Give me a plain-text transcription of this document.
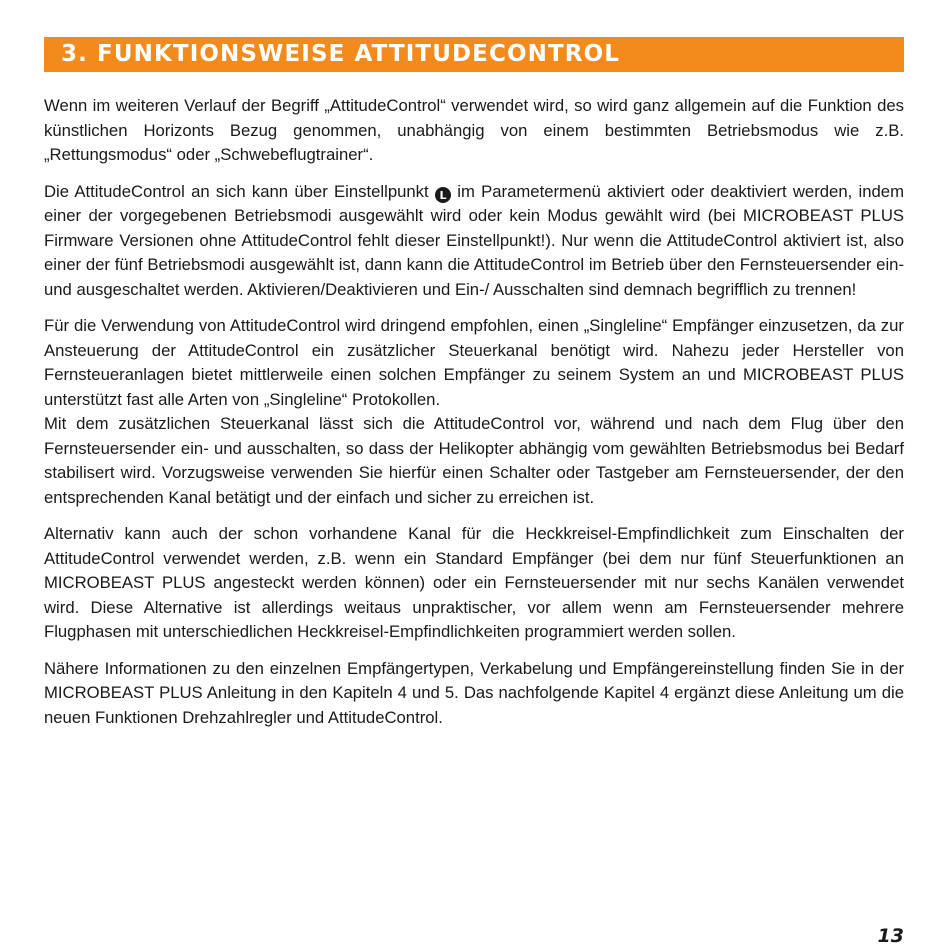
3. FUNKTIONSWEISE ATTITUDECONTROL

Wenn im weiteren Verlauf der Begriff „AttitudeControl“ verwendet wird, so wird ganz allgemein auf die Funktion des künstlichen Horizonts Bezug genommen, unabhängig von einem bestimmten Betriebsmodus wie z.B. „Rettungsmodus“ oder „Schwebeflugtrainer“.

Die AttitudeControl an sich kann über Einstellpunkt L im Parametermenü aktiviert oder deaktiviert werden, indem einer der vorgegebenen Betriebsmodi ausgewählt wird oder kein Modus gewählt wird (bei MICROBEAST PLUS Firmware Versionen ohne AttitudeControl fehlt dieser Einstellpunkt!). Nur wenn die AttitudeControl aktiviert ist, also einer der fünf Betriebsmodi ausgewählt ist, dann kann die AttitudeControl im Betrieb über den Fernsteuersender ein- und ausgeschaltet werden. Aktivieren/Deaktivieren und Ein-/ Ausschalten sind demnach begrifflich zu trennen!

Für die Verwendung von AttitudeControl wird dringend empfohlen, einen „Singleline“ Empfänger einzusetzen, da zur Ansteuerung der AttitudeControl ein zusätzlicher Steuerkanal benötigt wird. Nahezu jeder Hersteller von Fernsteueranlagen bietet mittlerweile einen solchen Empfänger zu seinem System an und MICROBEAST PLUS unterstützt fast alle Arten von „Singleline“ Protokollen.

Mit dem zusätzlichen Steuerkanal lässt sich die AttitudeControl vor, während und nach dem Flug über den Fernsteuersender ein- und ausschalten, so dass der Helikopter abhängig vom gewählten Betriebsmodus bei Bedarf stabilisert wird. Vorzugsweise verwenden Sie hierfür einen Schalter oder Tastgeber am Fernsteuersender, der den entsprechenden Kanal betätigt und der einfach und sicher zu erreichen ist.

Alternativ kann auch der schon vorhandene Kanal für die Heckkreisel-Empfindlichkeit zum Einschalten der AttitudeControl verwendet werden, z.B. wenn ein Standard Empfänger (bei dem nur fünf Steuerfunktionen an MICROBEAST PLUS angesteckt werden können) oder ein Fernsteuersender mit nur sechs Kanälen verwendet wird. Diese Alternative ist allerdings weitaus unpraktischer, vor allem wenn am Fernsteuersender mehrere Flugphasen mit unterschiedlichen Heckkreisel-Empfindlichkeiten programmiert werden sollen.

Nähere Informationen zu den einzelnen Empfängertypen, Verkabelung und Empfängereinstellung finden Sie in der MICROBEAST PLUS Anleitung in den Kapiteln 4 und 5. Das nachfolgende Kapitel 4 ergänzt diese Anleitung um die neuen Funktionen Drehzahlregler und AttitudeControl.

13
